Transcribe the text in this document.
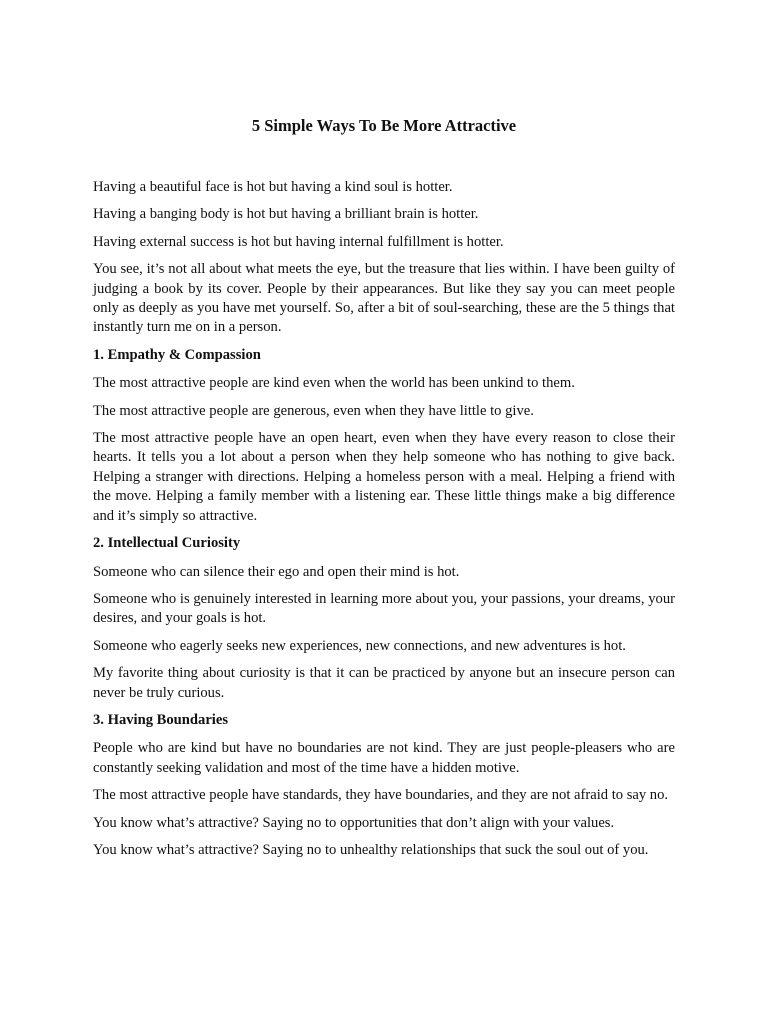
5 Simple Ways To Be More Attractive

Having a beautiful face is hot but having a kind soul is hotter.

Having a banging body is hot but having a brilliant brain is hotter.

Having external success is hot but having internal fulfillment is hotter.

You see, it’s not all about what meets the eye, but the treasure that lies within. I have been guilty of judging a book by its cover. People by their appearances. But like they say you can meet people only as deeply as you have met yourself. So, after a bit of soul-searching, these are the 5 things that instantly turn me on in a person.

1. Empathy & Compassion

The most attractive people are kind even when the world has been unkind to them.

The most attractive people are generous, even when they have little to give.

The most attractive people have an open heart, even when they have every reason to close their hearts. It tells you a lot about a person when they help someone who has nothing to give back. Helping a stranger with directions. Helping a homeless person with a meal. Helping a friend with the move. Helping a family member with a listening ear. These little things make a big difference and it’s simply so attractive.

2. Intellectual Curiosity

Someone who can silence their ego and open their mind is hot.

Someone who is genuinely interested in learning more about you, your passions, your dreams, your desires, and your goals is hot.

Someone who eagerly seeks new experiences, new connections, and new adventures is hot.

My favorite thing about curiosity is that it can be practiced by anyone but an insecure person can never be truly curious.

3. Having Boundaries

People who are kind but have no boundaries are not kind. They are just people-pleasers who are constantly seeking validation and most of the time have a hidden motive.

The most attractive people have standards, they have boundaries, and they are not afraid to say no.

You know what’s attractive? Saying no to opportunities that don’t align with your values.

You know what’s attractive? Saying no to unhealthy relationships that suck the soul out of you.
